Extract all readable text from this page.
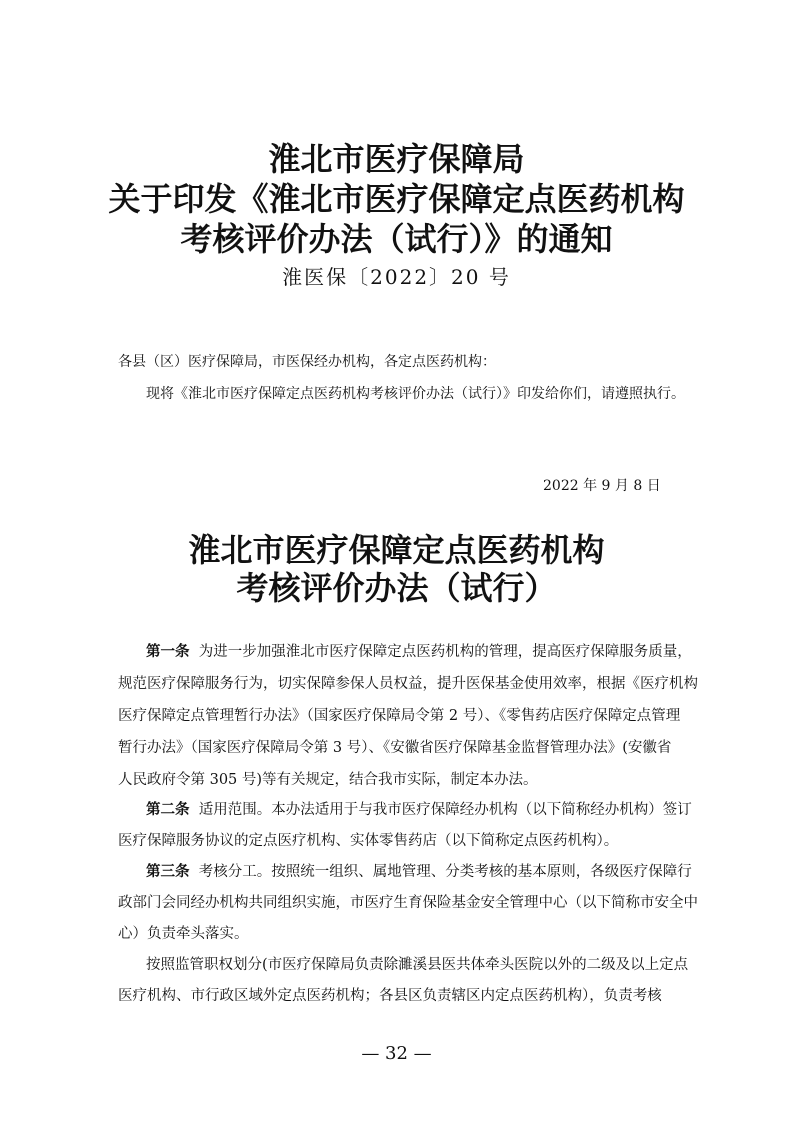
淮北市医疗保障局
关于印发《淮北市医疗保障定点医药机构
考核评价办法（试行）》的通知
淮医保〔2022〕20 号
各县（区）医疗保障局，市医保经办机构，各定点医药机构：
现将《淮北市医疗保障定点医药机构考核评价办法（试行）》印发给你们，请遵照执行。
2022 年 9 月 8 日
淮北市医疗保障定点医药机构
考核评价办法（试行）
第一条 为进一步加强淮北市医疗保障定点医药机构的管理，提高医疗保障服务质量，
规范医疗保障服务行为，切实保障参保人员权益，提升医保基金使用效率，根据《医疗机构
医疗保障定点管理暂行办法》（国家医疗保障局令第 2 号）、《零售药店医疗保障定点管理
暂行办法》（国家医疗保障局令第 3 号）、《安徽省医疗保障基金监督管理办法》(安徽省
人民政府令第 305 号)等有关规定，结合我市实际，制定本办法。
第二条 适用范围。本办法适用于与我市医疗保障经办机构（以下简称经办机构）签订
医疗保障服务协议的定点医疗机构、实体零售药店（以下简称定点医药机构）。
第三条 考核分工。按照统一组织、属地管理、分类考核的基本原则，各级医疗保障行
政部门会同经办机构共同组织实施，市医疗生育保险基金安全管理中心（以下简称市安全中
心）负责牵头落实。
按照监管职权划分(市医疗保障局负责除濉溪县医共体牵头医院以外的二级及以上定点
医疗机构、市行政区域外定点医药机构；各县区负责辖区内定点医药机构），负责考核
— 32 —
